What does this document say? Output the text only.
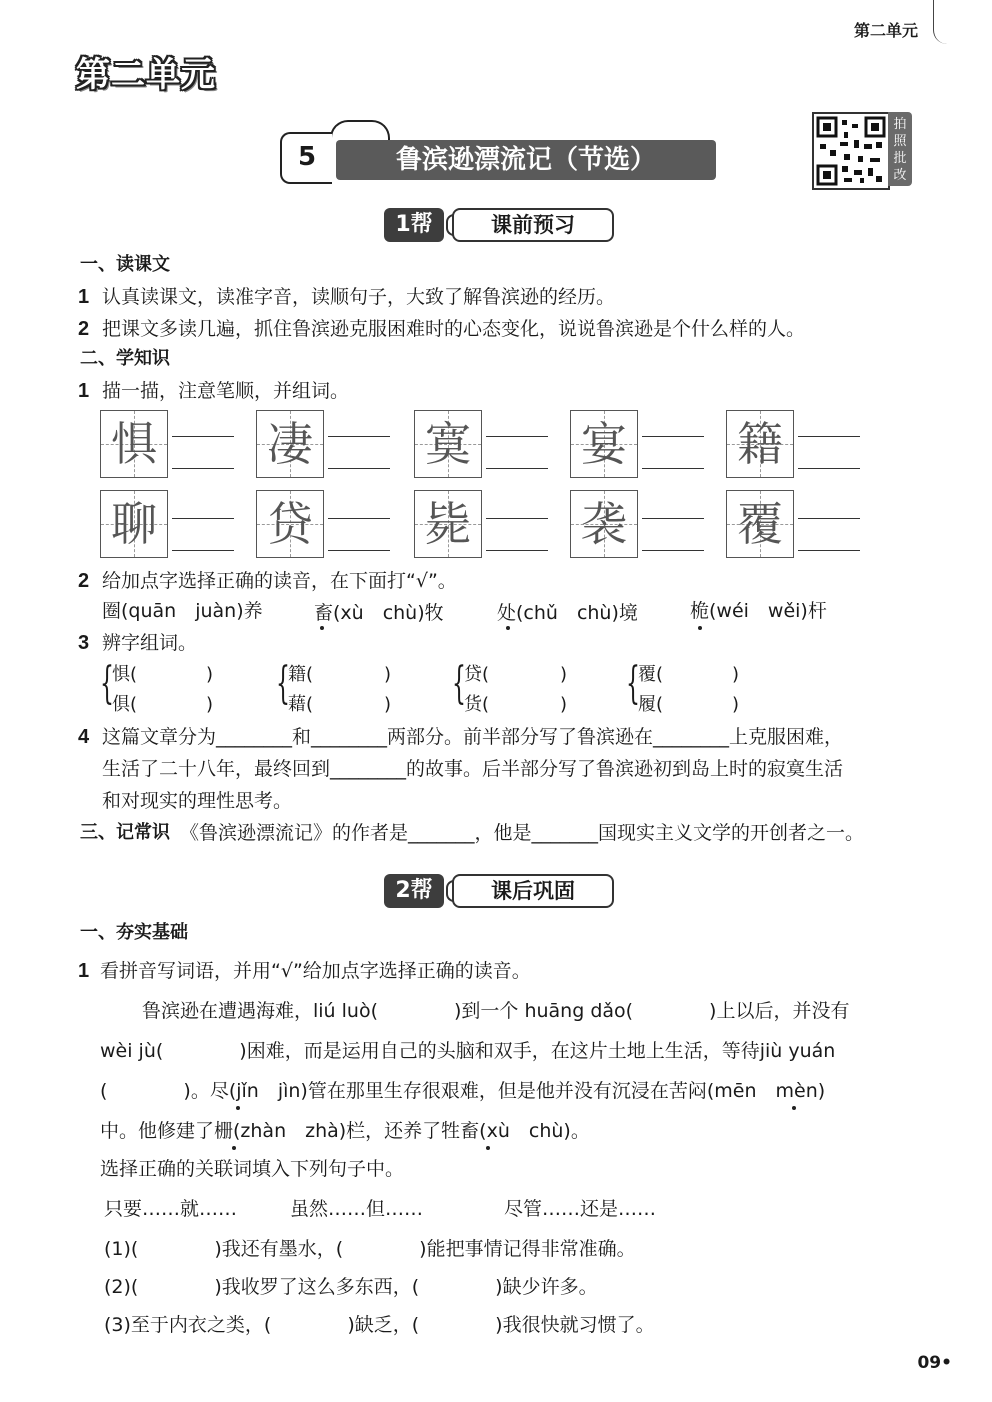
第二单元
第二单元
5	鲁滨逊漂流记（节选）
拍照批改
1帮	课前预习
一、读课文
1 认真读课文，读准字音，读顺句子，大致了解鲁滨逊的经历。
2 把课文多读几遍，抓住鲁滨逊克服困难时的心态变化，说说鲁滨逊是个什么样的人。
二、学知识
1 描一描，注意笔顺，并组词。
惧 凄 寞 宴 籍
聊 贷 毙 袭 覆
2 给加点字选择正确的读音，在下面打“√”。
圈(quān　juàn)养	畜(xù　chù)牧	处(chǔ　chù)境	桅(wéi　wěi)杆
3 辨字组词。
{
惧(	)
俱(	) {
籍(	)
藉(	) {
贷(	)
货(	) {
覆(	)
履(	)
4 这篇文章分为________和________两部分。前半部分写了鲁滨逊在________上克服困难，
生活了二十八年，最终回到________的故事。后半部分写了鲁滨逊初到岛上时的寂寞生活
和对现实的理性思考。
三、记常识 《鲁滨逊漂流记》的作者是_______，他是_______国现实主义文学的开创者之一。
2帮	课后巩固
一、夯实基础
1 看拼音写词语，并用“√”给加点字选择正确的读音。
鲁滨逊在遭遇海难，liú luò(　　　　)到一个 huāng dǎo(　　　　)上以后，并没有
wèi jù(　　　　)困难，而是运用自己的头脑和双手，在这片土地上生活，等待jiù yuán
(　　　　)。尽(jǐn　jìn)管在那里生存很艰难，但是他并没有沉浸在苦闷(mēn　mèn)
中。他修建了栅(zhàn　zhà)栏，还养了牲畜(xù　chù)。
选择正确的关联词填入下列句子中。
只要……就……	虽然……但……	尽管……还是……
(1)(　　　　)我还有墨水，(　　　　)能把事情记得非常准确。
(2)(　　　　)我收罗了这么多东西，(　　　　)缺少许多。
(3)至于内衣之类，(　　　　)缺乏，(　　　　)我很快就习惯了。
09•
